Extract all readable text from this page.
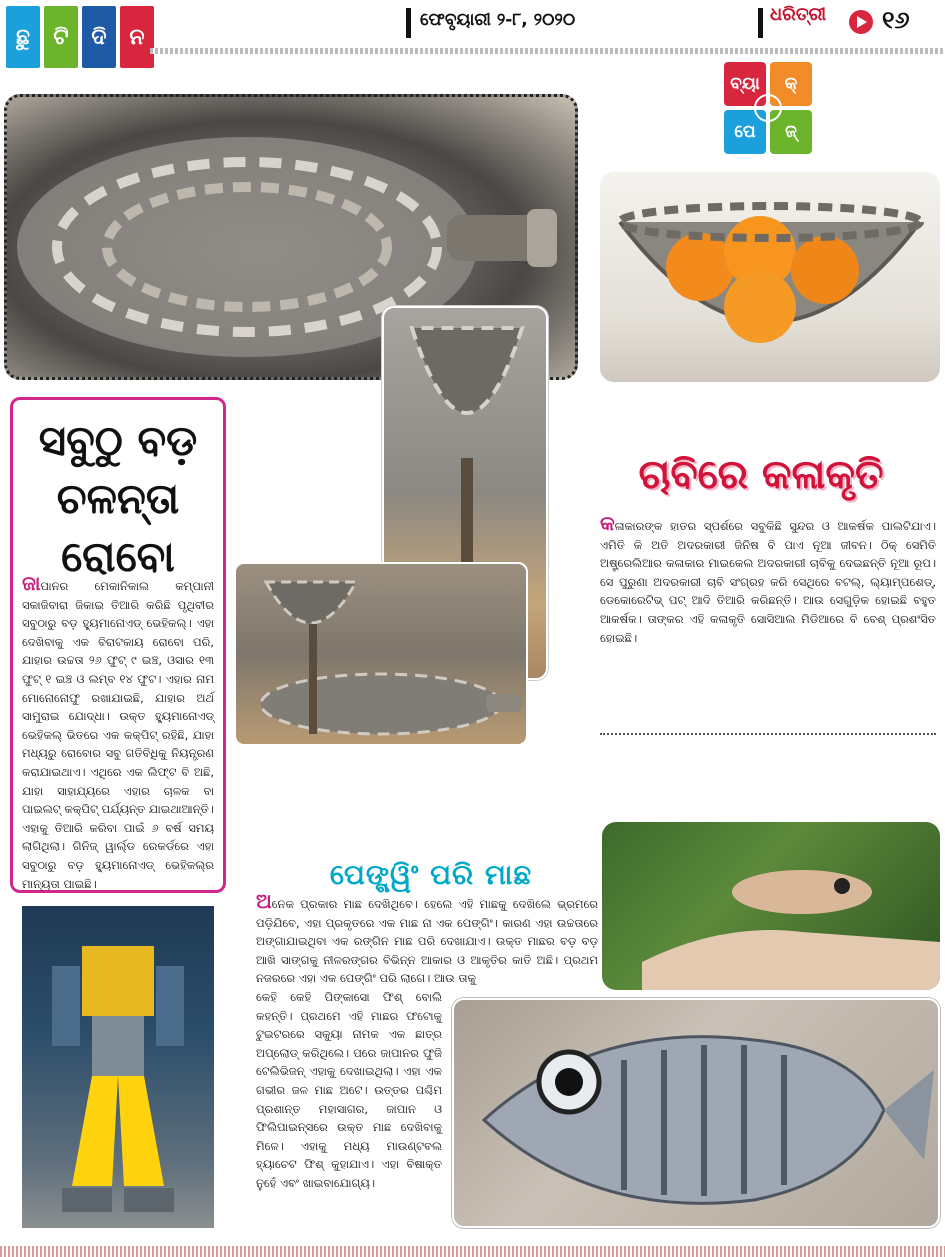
ଛୁ	ଟି	ଦି	ନ
ଫେବୃୟାରୀ ୨-୮, ୨୦୨୦	ଧରିତ୍ରୀ ୧୬
ବ୍ୟା	କ୍
ପେ	ଜ୍
ସବୁଠୁ ବଡ଼ ଚଳନ୍ତା ରୋବୋ
ଜାପାନର ମେକାନିକାଲ କମ୍ପାନୀ ସକାଜିବାରା ଜିକାଇ ତିଆରି କରିଛି ପୃଥିବୀର ସବୁଠାରୁ ବଡ଼ ହ୍ୟୁମାନୋଏଡ୍ ଭେହିକଲ୍। ଏହା ଦେଖିବାକୁ ଏକ ବିରାଟକାୟ ରୋବୋ ପରି, ଯାହାର ଉଚ୍ଚତା ୨୬ ଫୁଟ୍ ୯ ଇଞ୍ଚ, ଓସାର ୧୩ ଫୁଟ୍ ୧ ଇଞ୍ଚ ଓ ଲମ୍ବ ୧୪ ଫୁଟ। ଏହାର ନାମ ମୋନୋନୋଫୁ ରଖାଯାଇଛି, ଯାହାର ଅର୍ଥ ସାମୁରାଇ ଯୋଦ୍ଧା। ଉକ୍ତ ହ୍ୟୁମାନୋଏଡ୍ ଭେହିକଲ୍ ଭିତରେ ଏକ କକ୍‌ପିଟ୍ ରହିଛି, ଯାହା ମଧ୍ୟରୁ ରୋବୋର ସବୁ ଗତିବିଧିକୁ ନିୟନ୍ତ୍ରଣ କରାଯାଇଥାଏ। ଏଥିରେ ଏକ ଲିଫ୍ଟ ବି ଅଛି, ଯାହା ସାହାଯ୍ୟରେ ଏହାର ଚାଳକ ବା ପାଇଲଟ୍ କକ୍‌ପିଟ୍ ପର୍ଯ୍ୟନ୍ତ ଯାଇଥାଆନ୍ତି। ଏହାକୁ ତିଆରି କରିବା ପାଇଁ ୬ ବର୍ଷ ସମୟ ଲାଗିଥିଲା। ଗିନିଜ୍ ୱାର୍ଲ୍ଡ ରେକର୍ଡରେ ଏହା ସବୁଠାରୁ ବଡ଼ ହ୍ୟୁମାନୋଏଡ୍ ଭେହିକଲ୍‌ର ମାନ୍ୟତା ପାଇଛି।
ଚାବିରେ କଳାକୃତି
କଳାକାରଙ୍କ ହାତର ସ୍ପର୍ଶରେ ସବୁକିଛି ସୁନ୍ଦର ଓ ଆକର୍ଷକ ପାଲଟିଯାଏ। ଏମିତି କି ଅତି ଅଦରକାରୀ ଜିନିଷ ବି ପାଏ ନୂଆ ଜୀବନ। ଠିକ୍ ସେମିତି ଅଷ୍ଟ୍ରେଲିଆର କଳାକାର ମାଇକେଲ ଅଦରକାରୀ ଚାବିକୁ ଦେଇଛନ୍ତି ନୂଆ ରୂପ। ସେ ପୁରୁଣା ଅଦରକାରୀ ଚାବି ସଂଗ୍ରହ କରି ସେଥିରେ ବଟଲ୍, ଲ୍ୟାମ୍ପଶେଡ୍, ଡେକୋରେଟିଭ୍ ପଟ୍ ଆଦି ତିଆରି କରିଛନ୍ତି। ଆଉ ସେଗୁଡ଼ିକ ହୋଇଛି ବହୁତ ଆକର୍ଷକ। ତାଙ୍କର ଏହି କଳାକୃତି ସୋସିଆଲ ମିଡିଆରେ ବି ବେଶ୍ ପ୍ରଶଂସିତ ହୋଇଛି।
ପେଙ୍ଗ୍ୱିଂ ପରି ମାଛ
ଅନେକ ପ୍ରକାର ମାଛ ଦେଖିଥିବେ। ହେଲେ ଏହି ମାଛକୁ ଦେଖିଲେ ଭ୍ରମରେ ପଡ଼ିଯିବେ, ଏହା ପ୍ରକୃତରେ ଏକ ମାଛ ନା ଏକ ପେଙ୍ଗିଂ। କାରଣ ଏହା ଉଚ୍ଚତାରେ ଅଙ୍ଗାଯାଇଥିବା ଏକ ରଙ୍ଗିନ ମାଛ ପରି ଦେଖାଯାଏ। ଉକ୍ତ ମାଛର ବଡ଼ ବଡ଼ ଆଖି ସାଙ୍ଗକୁ ନୀଳରଙ୍ଗର ବିଭିନ୍ନ ଆକାର ଓ ଆକୃତିର କାତି ଅଛି। ପ୍ରଥମ ନଜରରେ ଏହା ଏକ ପେଙ୍ଗିଂ ପରି ଲାଗେ। ଆଉ ତାକୁ
କେହି କେହି ପିଙ୍କାସୋ ଫିଶ୍ ବୋଲି କହନ୍ତି। ପ୍ରଥମେ ଏହି ମାଛର ଫଟୋକୁ ଟୁଇଟରରେ ସକୁୟା ନାମକ ଏକ ଛାତ୍ର ଅପ୍‌ଲୋଡ୍ କରିଥିଲେ। ପରେ ଜାପାନର ଫୁଜି ଟେଲିଭିଜନ୍ ଏହାକୁ ଦେଖାଇଥିଲା। ଏହା ଏକ ଗଭୀର ଜଳ ମାଛ ଅଟେ। ଉତ୍ତର ପଶ୍ଚିମ ପ୍ରଶାନ୍ତ ମହାସାଗର, ଜାପାନ ଓ ଫିଲିପାଇନ୍ସରେ ଉକ୍ତ ମାଛ ଦେଖିବାକୁ ମିଳେ। ଏହାକୁ ମଧ୍ୟ ମାଉଣ୍ଟବଲ ହ୍ୟାଚେଟ ଫିଶ୍ କୁହାଯାଏ। ଏହା ବିଷାକ୍ତ ନୁହେଁ ଏବଂ ଖାଇବାଯୋଗ୍ୟ।
